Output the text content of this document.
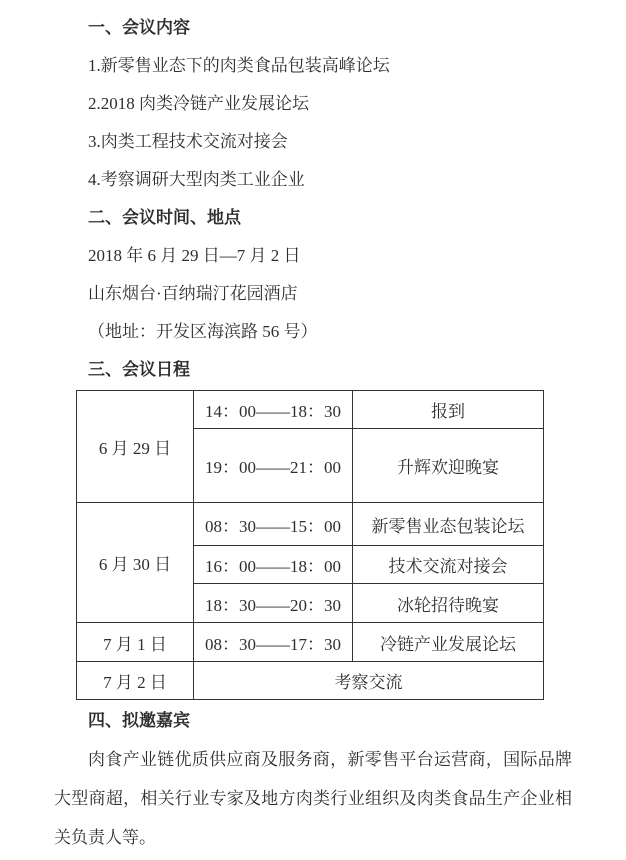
一、会议内容

1.新零售业态下的肉类食品包装高峰论坛

2.2018 肉类冷链产业发展论坛

3.肉类工程技术交流对接会

4.考察调研大型肉类工业企业

二、会议时间、地点

2018 年 6 月 29 日—7 月 2 日

山东烟台·百纳瑞汀花园酒店

（地址：开发区海滨路 56 号）

三、会议日程

6 月 29 日	14：00——18：30	报到
	19：00——21：00	升辉欢迎晚宴
6 月 30 日	08：30——15：00	新零售业态包装论坛
	16：00——18：00	技术交流对接会
	18：30——20：30	冰轮招待晚宴
7 月 1 日	08：30——17：30	冷链产业发展论坛
7 月 2 日	考察交流	

四、拟邀嘉宾

肉食产业链优质供应商及服务商，新零售平台运营商，国际品牌大型商超，相关行业专家及地方肉类行业组织及肉类食品生产企业相关负责人等。
